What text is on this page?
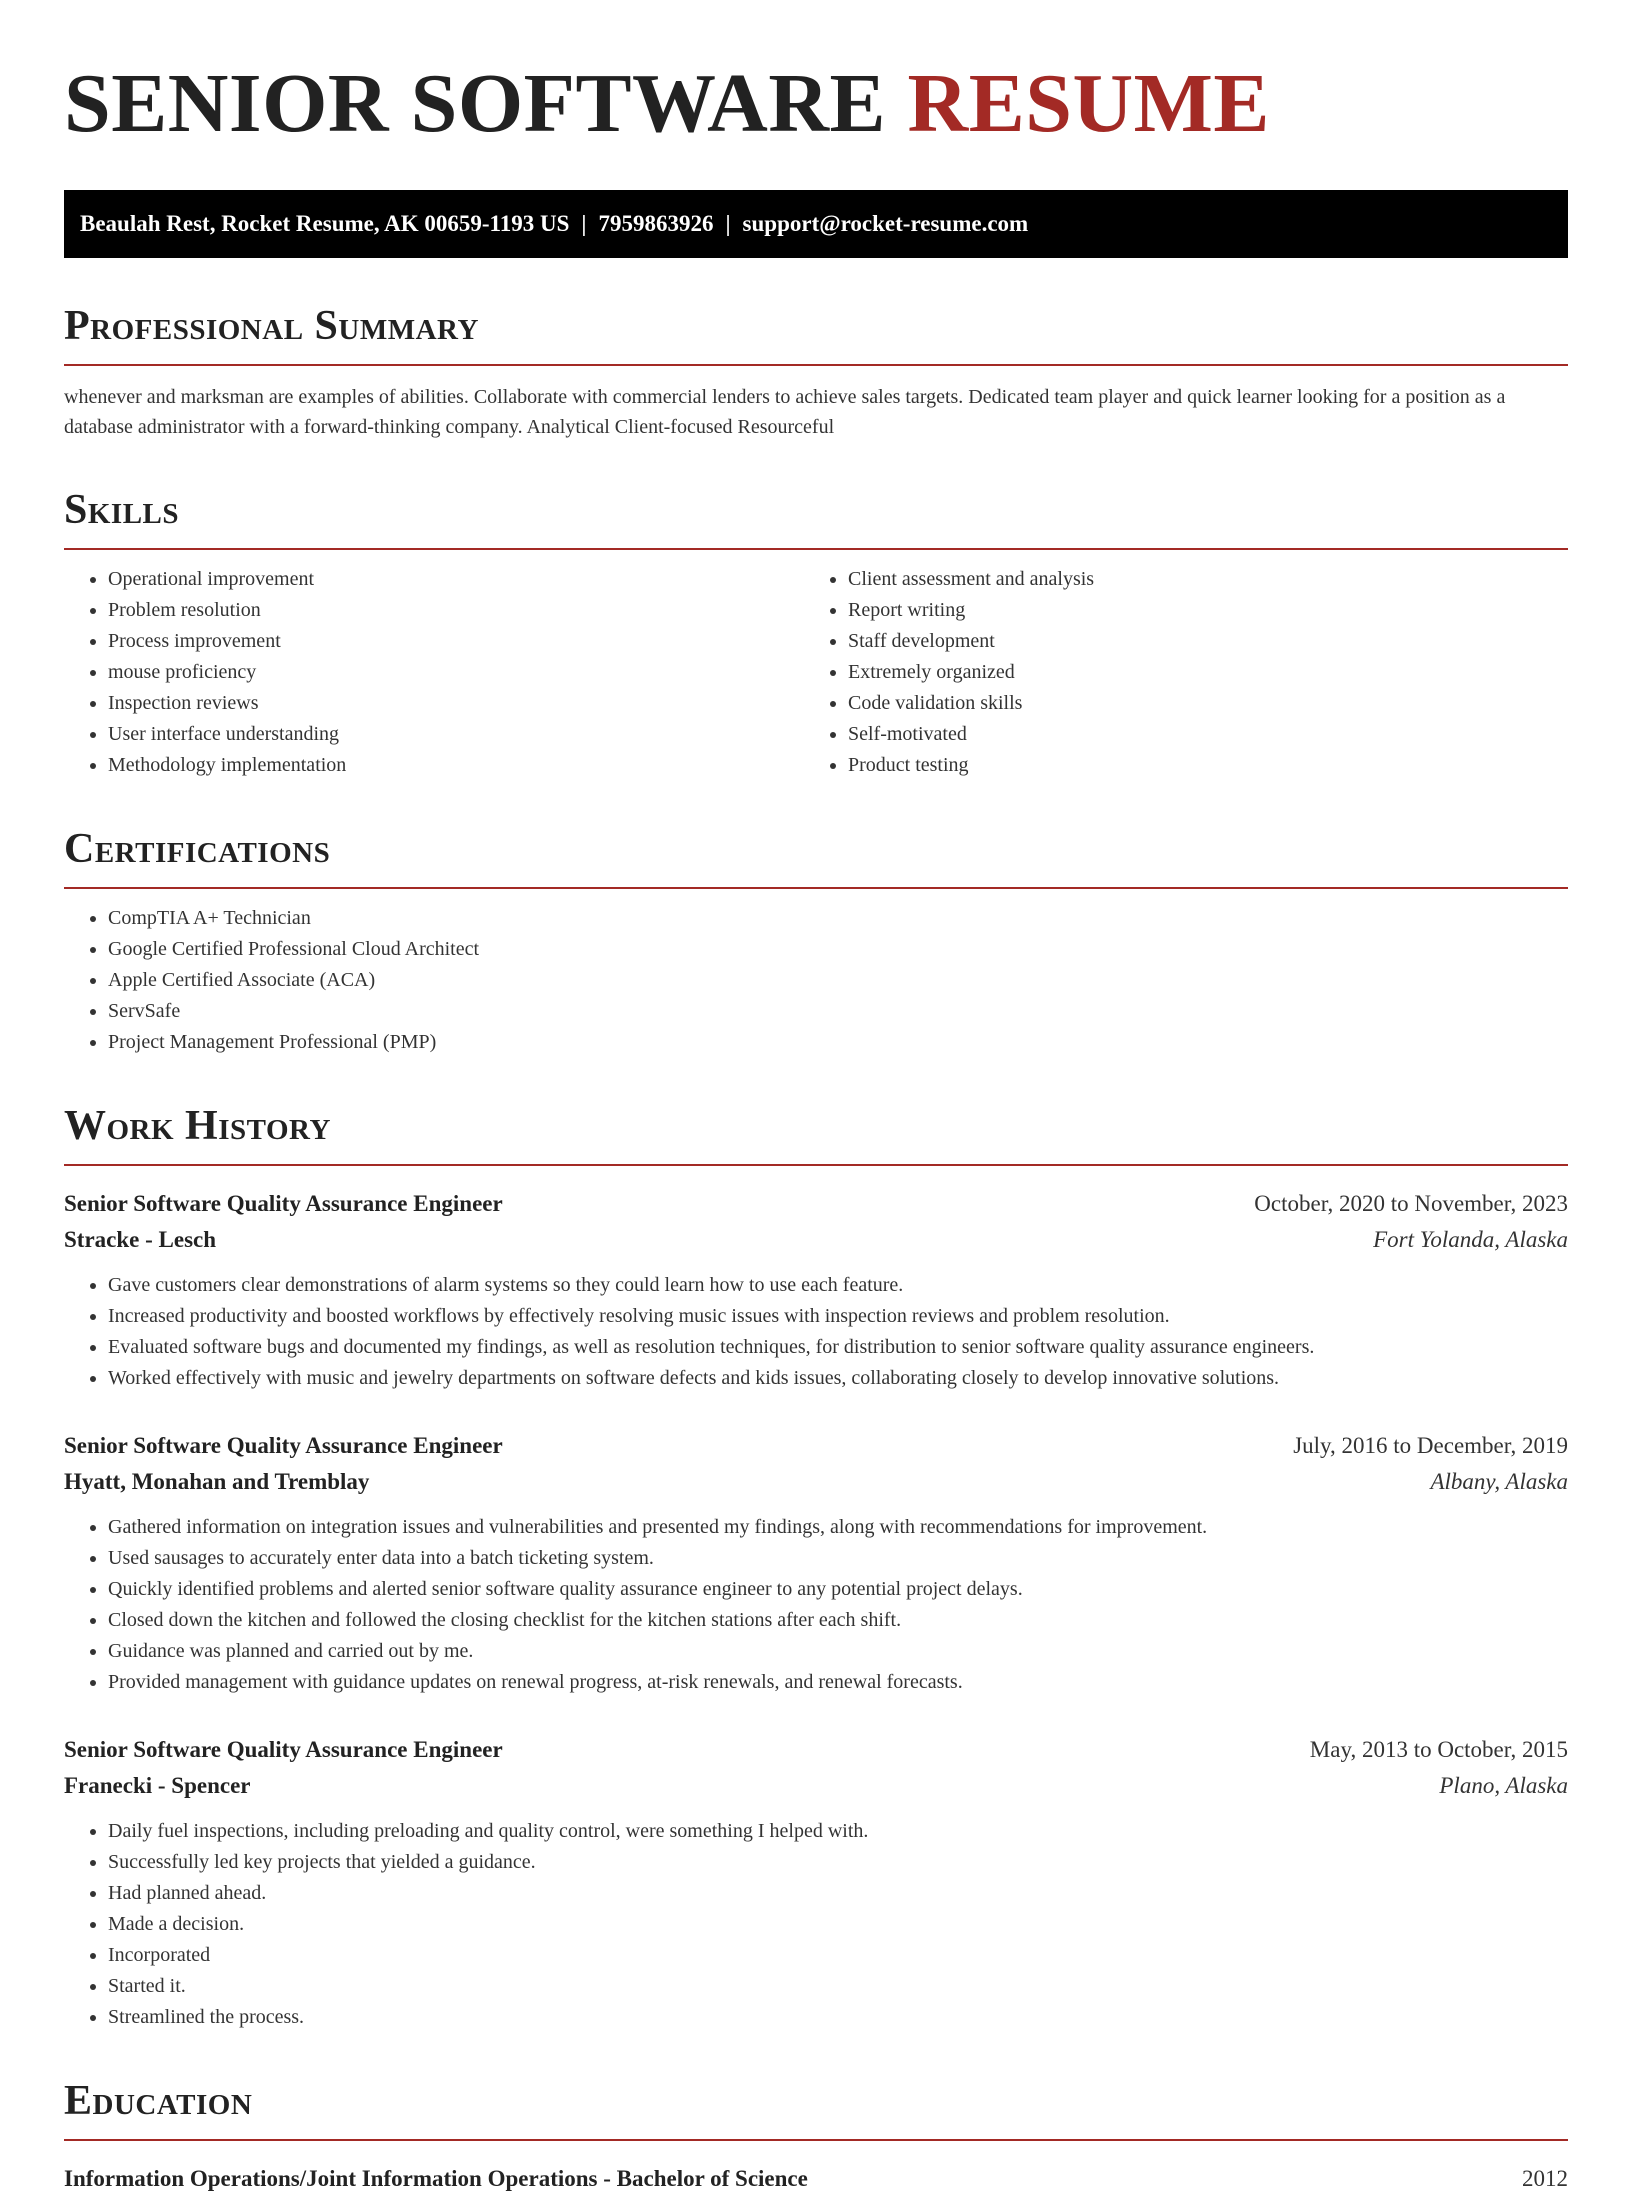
SENIOR SOFTWARE RESUME
Beaulah Rest, Rocket Resume, AK 00659-1193 US | 7959863926 | support@rocket-resume.com
Professional Summary

whenever and marksman are examples of abilities. Collaborate with commercial lenders to achieve sales targets. Dedicated team player and quick learner looking for a position as a database administrator with a forward-thinking company. Analytical Client-focused Resourceful

Skills
• Operational improvement
• Problem resolution
• Process improvement
• mouse proficiency
• Inspection reviews
• User interface understanding
• Methodology implementation
• Client assessment and analysis
• Report writing
• Staff development
• Extremely organized
• Code validation skills
• Self-motivated
• Product testing
Certifications
• CompTIA A+ Technician
• Google Certified Professional Cloud Architect
• Apple Certified Associate (ACA)
• ServSafe
• Project Management Professional (PMP)
Work History
Senior Software Quality Assurance Engineer	October, 2020 to November, 2023
Stracke - Lesch	Fort Yolanda, Alaska
• Gave customers clear demonstrations of alarm systems so they could learn how to use each feature.
• Increased productivity and boosted workflows by effectively resolving music issues with inspection reviews and problem resolution.
• Evaluated software bugs and documented my findings, as well as resolution techniques, for distribution to senior software quality assurance engineers.
• Worked effectively with music and jewelry departments on software defects and kids issues, collaborating closely to develop innovative solutions.
Senior Software Quality Assurance Engineer	July, 2016 to December, 2019
Hyatt, Monahan and Tremblay	Albany, Alaska
• Gathered information on integration issues and vulnerabilities and presented my findings, along with recommendations for improvement.
• Used sausages to accurately enter data into a batch ticketing system.
• Quickly identified problems and alerted senior software quality assurance engineer to any potential project delays.
• Closed down the kitchen and followed the closing checklist for the kitchen stations after each shift.
• Guidance was planned and carried out by me.
• Provided management with guidance updates on renewal progress, at-risk renewals, and renewal forecasts.
Senior Software Quality Assurance Engineer	May, 2013 to October, 2015
Franecki - Spencer	Plano, Alaska
• Daily fuel inspections, including preloading and quality control, were something I helped with.
• Successfully led key projects that yielded a guidance.
• Had planned ahead.
• Made a decision.
• Incorporated
• Started it.
• Streamlined the process.
Education
Information Operations/Joint Information Operations - Bachelor of Science	2012
